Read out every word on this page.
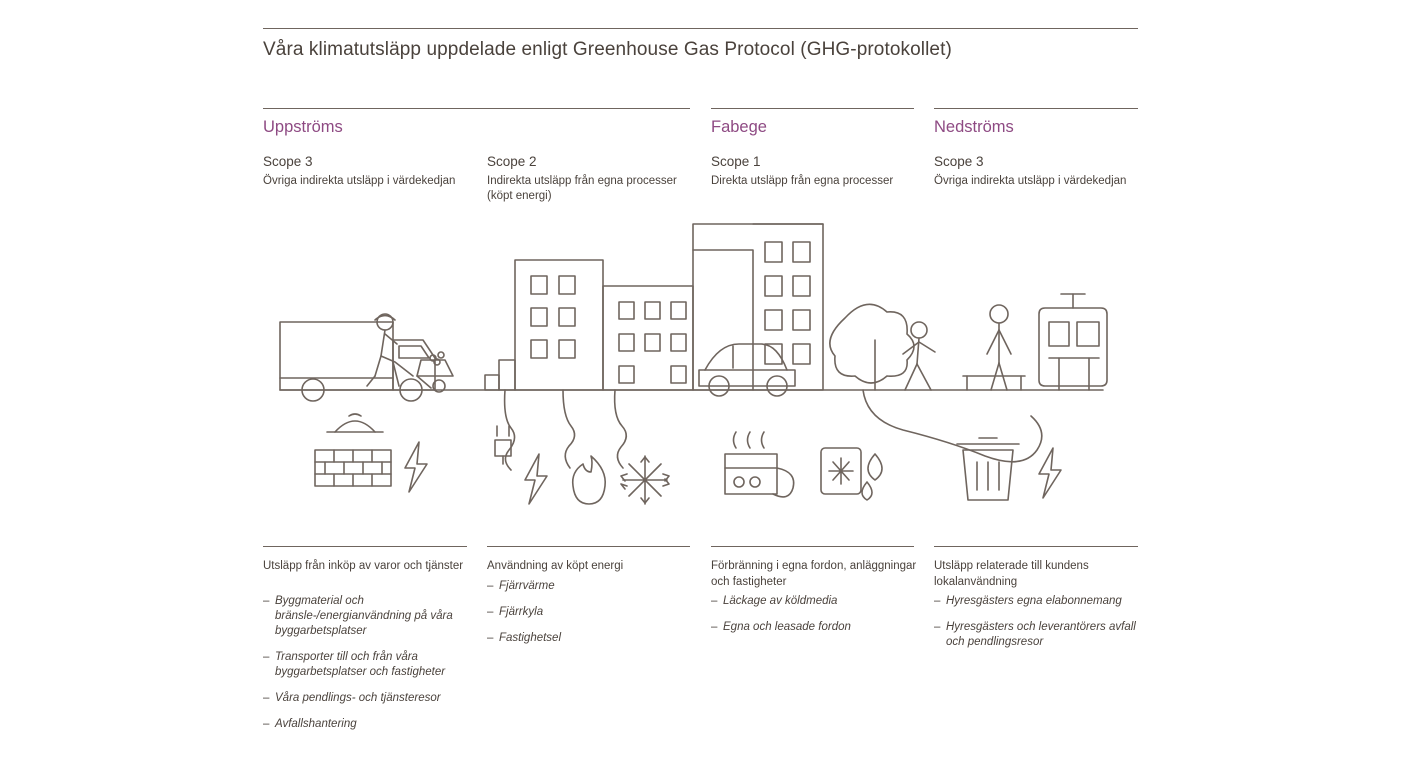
Våra klimatutsläpp uppdelade enligt Greenhouse Gas Protocol (GHG-protokollet)
Uppströms
Scope 3
Övriga indirekta utsläpp i värdekedjan
Scope 2
Indirekta utsläpp från egna processer (köpt energi)
Fabege
Scope 1
Direkta utsläpp från egna processer
Nedströms
Scope 3
Övriga indirekta utsläpp i värdekedjan
Utsläpp från inköp av varor och tjänster
– Byggmaterial och bränsle-/energianvändning på våra byggarbetsplatser
– Transporter till och från våra byggarbetsplatser och fastigheter
– Våra pendlings- och tjänsteresor
– Avfallshantering
Användning av köpt energi
– Fjärrvärme
– Fjärrkyla
– Fastighetsel
Förbränning i egna fordon, anläggningar och fastigheter
– Läckage av köldmedia
– Egna och leasade fordon
Utsläpp relaterade till kundens lokalanvändning
– Hyresgästers egna elabonnemang
– Hyresgästers och leverantörers avfall och pendlingsresor
